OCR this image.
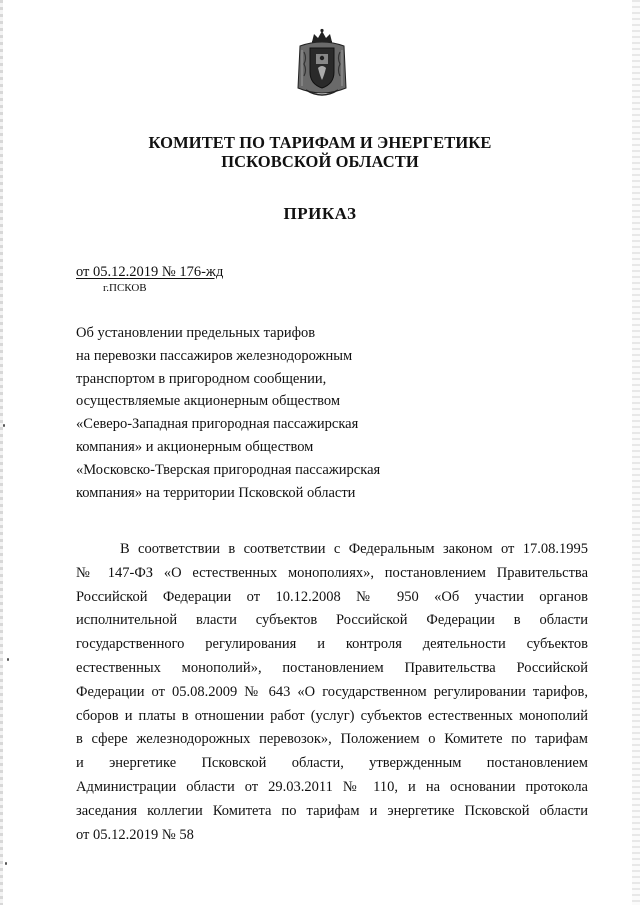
КОМИТЕТ ПО ТАРИФАМ И ЭНЕРГЕТИКЕ
ПСКОВСКОЙ ОБЛАСТИ
ПРИКАЗ
от 05.12.2019 № 176-жд
г.ПСКОВ
Об установлении предельных тарифов
на перевозки пассажиров железнодорожным
транспортом в пригородном сообщении,
осуществляемые акционерным обществом
«Северо-Западная пригородная пассажирская
компания» и акционерным обществом
«Московско-Тверская пригородная пассажирская
компания» на территории Псковской области
В соответствии в соответствии с Федеральным законом от 17.08.1995
№ 147-ФЗ «О естественных монополиях», постановлением Правительства
Российской Федерации от 10.12.2008 № 950 «Об участии органов
исполнительной власти субъектов Российской Федерации в области
государственного регулирования и контроля деятельности субъектов
естественных монополий», постановлением Правительства Российской
Федерации от 05.08.2009 № 643 «О государственном регулировании тарифов,
сборов и платы в отношении работ (услуг) субъектов естественных монополий
в сфере железнодорожных перевозок», Положением о Комитете по тарифам
и энергетике Псковской области, утвержденным постановлением
Администрации области от 29.03.2011 № 110, и на основании протокола
заседания коллегии Комитета по тарифам и энергетике Псковской области
от 05.12.2019 № 58
